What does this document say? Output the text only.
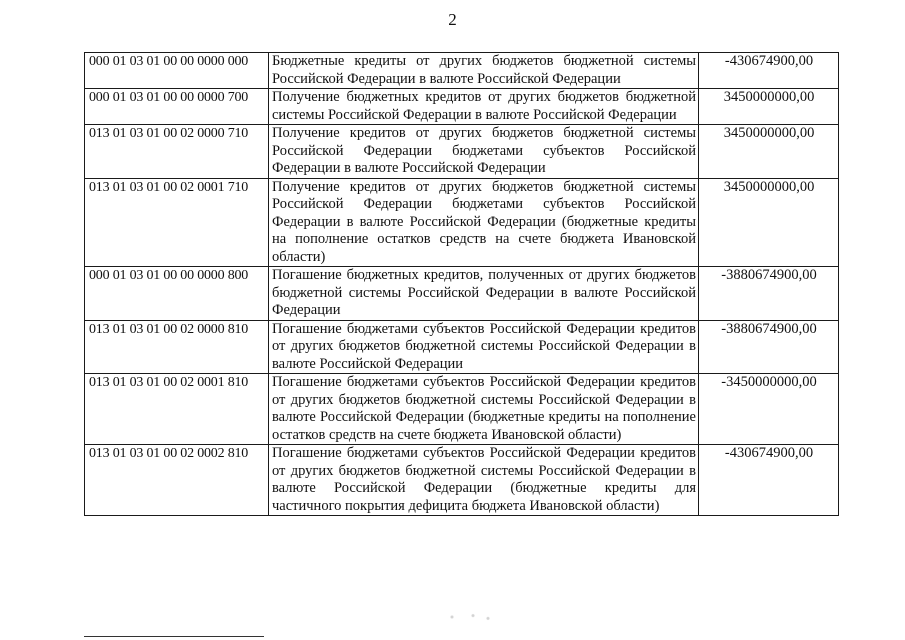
2
000 01 03 01 00 00 0000 000	Бюджетные кредиты от других бюджетов бюджетной системы Российской Федерации в валюте Российской Федерации	-430674900,00
000 01 03 01 00 00 0000 700	Получение бюджетных кредитов от других бюджетов бюджетной системы Российской Федерации в валюте Российской Федерации	3450000000,00
013 01 03 01 00 02 0000 710	Получение кредитов от других бюджетов бюджетной системы Российской Федерации бюджетами субъектов Российской Федерации в валюте Российской Федерации	3450000000,00
013 01 03 01 00 02 0001 710	Получение кредитов от других бюджетов бюджетной системы Российской Федерации бюджетами субъектов Российской Федерации в валюте Российской Федерации (бюджетные кредиты на пополнение остатков средств на счете бюджета Ивановской области)	3450000000,00
000 01 03 01 00 00 0000 800	Погашение бюджетных кредитов, полученных от других бюджетов бюджетной системы Российской Федерации в валюте Российской Федерации	-3880674900,00
013 01 03 01 00 02 0000 810	Погашение бюджетами субъектов Российской Федерации кредитов от других бюджетов бюджетной системы Российской Федерации в валюте Российской Федерации	-3880674900,00
013 01 03 01 00 02 0001 810	Погашение бюджетами субъектов Российской Федерации кредитов от других бюджетов бюджетной системы Российской Федерации в валюте Российской Федерации (бюджетные кредиты на пополнение остатков средств на счете бюджета Ивановской области)	-3450000000,00
013 01 03 01 00 02 0002 810	Погашение бюджетами субъектов Российской Федерации кредитов от других бюджетов бюджетной системы Российской Федерации в валюте Российской Федерации (бюджетные кредиты для частичного покрытия дефицита бюджета Ивановской области)	-430674900,00
